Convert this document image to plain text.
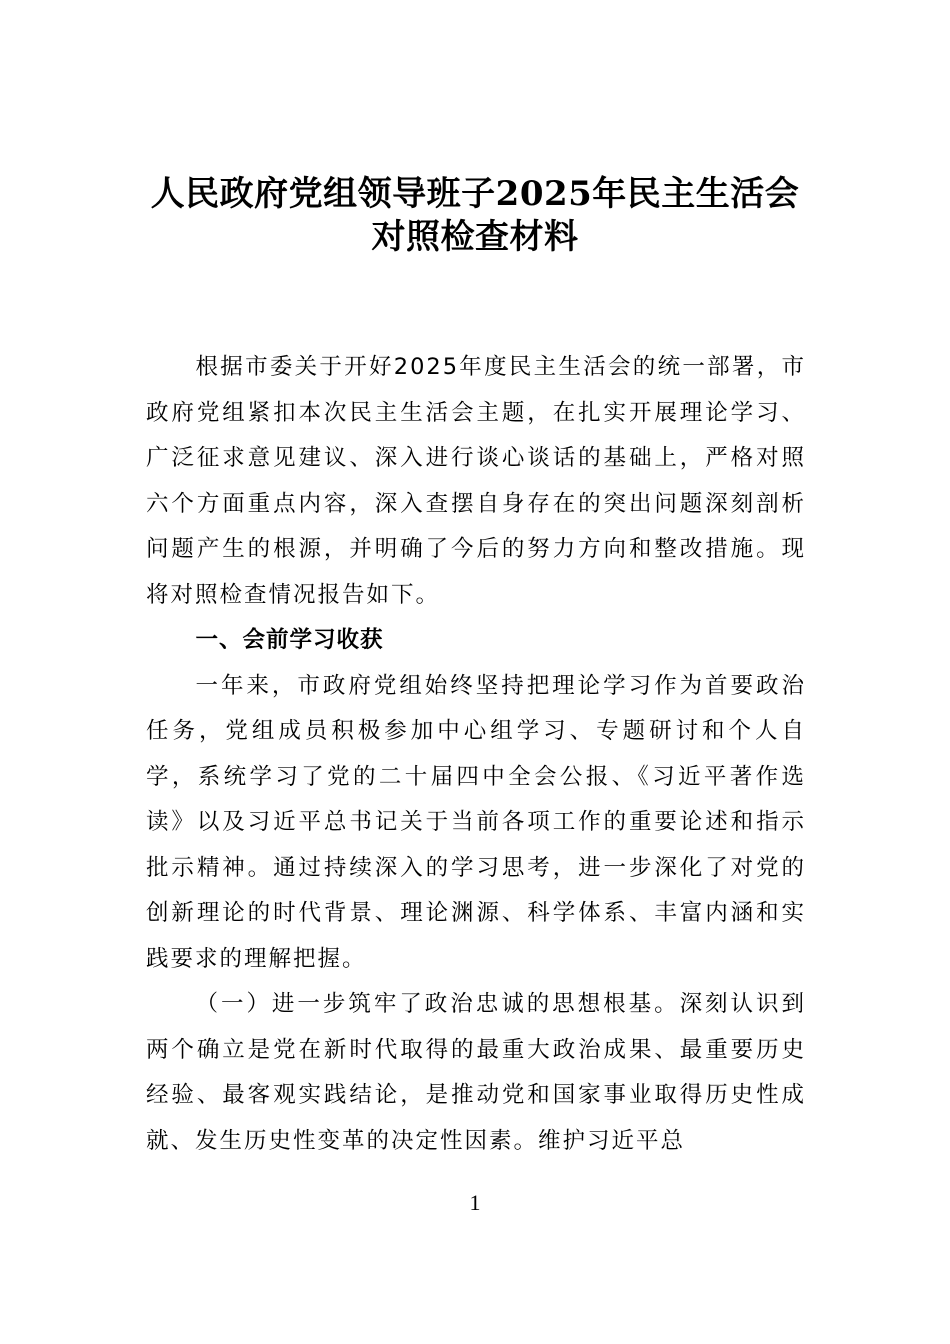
人民政府党组领导班子2025年民主生活会
对照检查材料

根据市委关于开好2025年度民主生活会的统一部署，市政府党组紧扣本次民主生活会主题，在扎实开展理论学习、广泛征求意见建议、深入进行谈心谈话的基础上，严格对照六个方面重点内容，深入查摆自身存在的突出问题深刻剖析问题产生的根源，并明确了今后的努力方向和整改措施。现将对照检查情况报告如下。

一、会前学习收获

一年来，市政府党组始终坚持把理论学习作为首要政治任务，党组成员积极参加中心组学习、专题研讨和个人自学，系统学习了党的二十届四中全会公报、《习近平著作选读》以及习近平总书记关于当前各项工作的重要论述和指示批示精神。通过持续深入的学习思考，进一步深化了对党的创新理论的时代背景、理论渊源、科学体系、丰富内涵和实践要求的理解把握。

（一）进一步筑牢了政治忠诚的思想根基。深刻认识到两个确立是党在新时代取得的最重大政治成果、最重要历史经验、最客观实践结论，是推动党和国家事业取得历史性成就、发生历史性变革的决定性因素。维护习近平总

1
